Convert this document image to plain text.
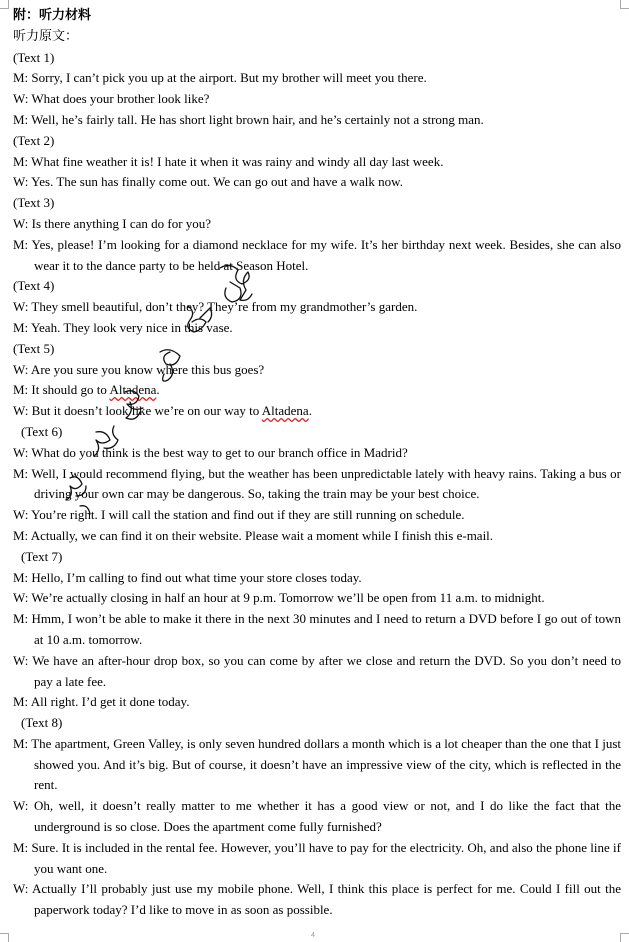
附：听力材料
听力原文：
(Text 1)
M: Sorry, I can’t pick you up at the airport. But my brother will meet you there.
W: What does your brother look like?
M: Well, he’s fairly tall. He has short light brown hair, and he’s certainly not a strong man.
(Text 2)
M: What fine weather it is! I hate it when it was rainy and windy all day last week.
W: Yes. The sun has finally come out. We can go out and have a walk now.
(Text 3)
W: Is there anything I can do for you?
M: Yes, please! I’m looking for a diamond necklace for my wife. It’s her birthday next week. Besides, she can also wear it to the dance party to be held at Season Hotel.
(Text 4)
W: They smell beautiful, don’t they? They’re from my grandmother’s garden.
M: Yeah. They look very nice in this vase.
(Text 5)
W: Are you sure you know where this bus goes?
M: It should go to Altadena.
W: But it doesn’t look like we’re on our way to Altadena.
(Text 6)
W: What do you think is the best way to get to our branch office in Madrid?
M: Well, I would recommend flying, but the weather has been unpredictable lately with heavy rains. Taking a bus or driving your own car may be dangerous. So, taking the train may be your best choice.
W: You’re right. I will call the station and find out if they are still running on schedule.
M: Actually, we can find it on their website. Please wait a moment while I finish this e-mail.
(Text 7)
M: Hello, I’m calling to find out what time your store closes today.
W: We’re actually closing in half an hour at 9 p.m. Tomorrow we’ll be open from 11 a.m. to midnight.
M: Hmm, I won’t be able to make it there in the next 30 minutes and I need to return a DVD before I go out of town at 10 a.m. tomorrow.
W: We have an after-hour drop box, so you can come by after we close and return the DVD. So you don’t need to pay a late fee.
M: All right. I’d get it done today.
(Text 8)
M: The apartment, Green Valley, is only seven hundred dollars a month which is a lot cheaper than the one that I just showed you. And it’s big. But of course, it doesn’t have an impressive view of the city, which is reflected in the rent.
W: Oh, well, it doesn’t really matter to me whether it has a good view or not, and I do like the fact that the underground is so close. Does the apartment come fully furnished?
M: Sure. It is included in the rental fee. However, you’ll have to pay for the electricity. Oh, and also the phone line if you want one.
W: Actually I’ll probably just use my mobile phone. Well, I think this place is perfect for me. Could I fill out the paperwork today? I’d like to move in as soon as possible.
4
